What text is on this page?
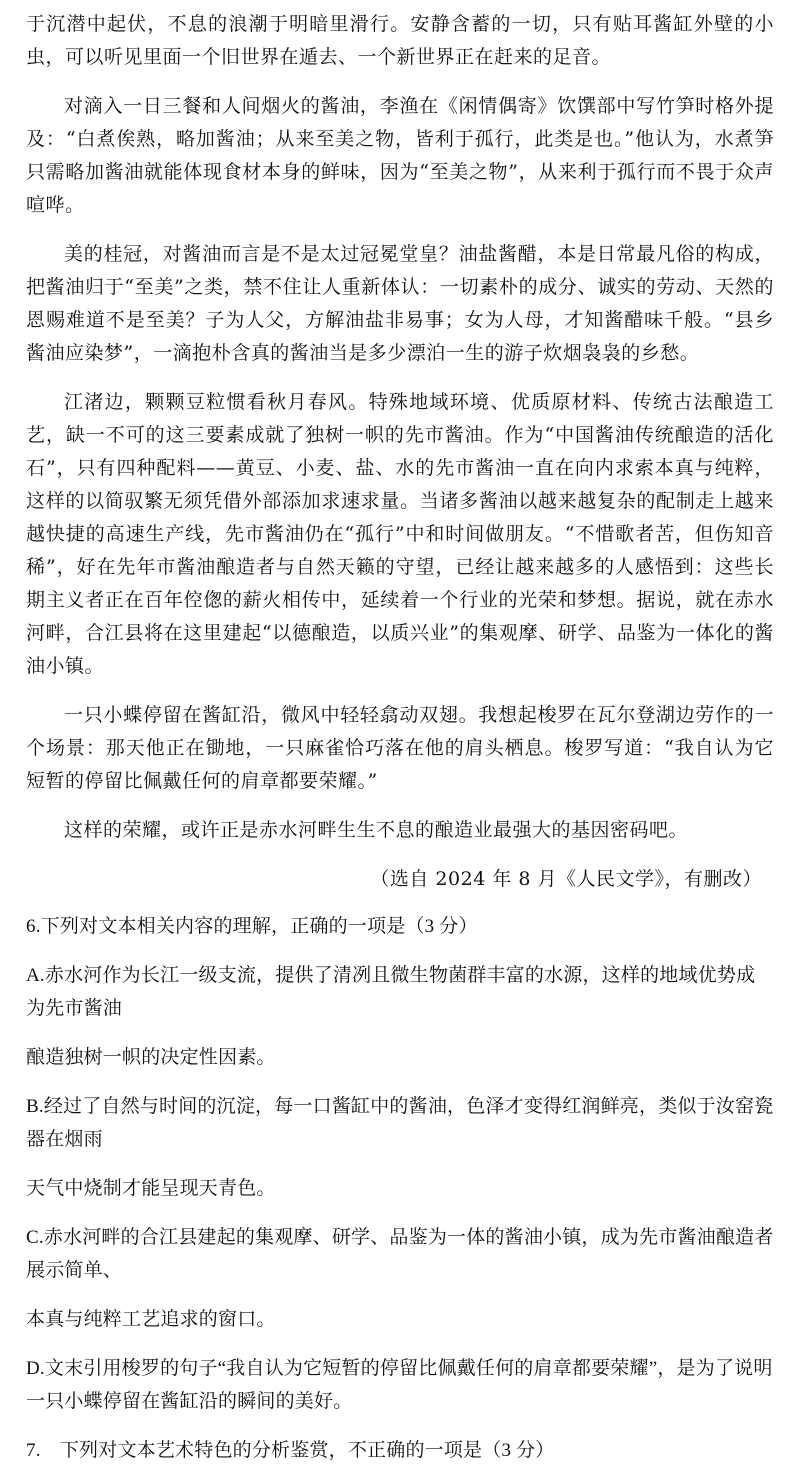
于沉潜中起伏，不息的浪潮于明暗里滑行。安静含蓄的一切，只有贴耳酱缸外壁的小虫，可以听见里面一个旧世界在遁去、一个新世界正在赶来的足音。

对滴入一日三餐和人间烟火的酱油，李渔在《闲情偶寄》饮馔部中写竹笋时格外提及：“白煮俟熟，略加酱油；从来至美之物，皆利于孤行，此类是也。”他认为，水煮笋只需略加酱油就能体现食材本身的鲜味，因为“至美之物”，从来利于孤行而不畏于众声喧哗。

美的桂冠，对酱油而言是不是太过冠冕堂皇？油盐酱醋，本是日常最凡俗的构成，把酱油归于“至美”之类，禁不住让人重新体认：一切素朴的成分、诚实的劳动、天然的恩赐难道不是至美？子为人父，方解油盐非易事；女为人母，才知酱醋味千般。“县乡酱油应染梦”，一滴抱朴含真的酱油当是多少漂泊一生的游子炊烟袅袅的乡愁。

江渚边，颗颗豆粒惯看秋月春风。特殊地域环境、优质原材料、传统古法酿造工艺，缺一不可的这三要素成就了独树一帜的先市酱油。作为“中国酱油传统酿造的活化石”，只有四种配料——黄豆、小麦、盐、水的先市酱油一直在向内求索本真与纯粹，这样的以简驭繁无须凭借外部添加求速求量。当诸多酱油以越来越复杂的配制走上越来越快捷的高速生产线，先市酱油仍在“孤行”中和时间做朋友。“不惜歌者苦，但伤知音稀”，好在先年市酱油酿造者与自然天籁的守望，已经让越来越多的人感悟到：这些长期主义者正在百年倥偬的薪火相传中，延续着一个行业的光荣和梦想。据说，就在赤水河畔，合江县将在这里建起“以德酿造，以质兴业”的集观摩、研学、品鉴为一体化的酱油小镇。

一只小蝶停留在酱缸沿，微风中轻轻翕动双翅。我想起梭罗在瓦尔登湖边劳作的一个场景：那天他正在锄地，一只麻雀恰巧落在他的肩头栖息。梭罗写道：“我自认为它短暂的停留比佩戴任何的肩章都要荣耀。”

这样的荣耀，或许正是赤水河畔生生不息的酿造业最强大的基因密码吧。

（选自 2024 年 8 月《人民文学》，有删改）

6.下列对文本相关内容的理解，正确的一项是（3 分）

A.赤水河作为长江一级支流，提供了清冽且微生物菌群丰富的水源，这样的地域优势成为先市酱油

酿造独树一帜的决定性因素。

B.经过了自然与时间的沉淀，每一口酱缸中的酱油，色泽才变得红润鲜亮，类似于汝窑瓷器在烟雨

天气中烧制才能呈现天青色。

C.赤水河畔的合江县建起的集观摩、研学、品鉴为一体的酱油小镇，成为先市酱油酿造者展示简单、

本真与纯粹工艺追求的窗口。

D.文末引用梭罗的句子“我自认为它短暂的停留比佩戴任何的肩章都要荣耀”，是为了说明一只小蝶停留在酱缸沿的瞬间的美好。

7.　下列对文本艺术特色的分析鉴赏，不正确的一项是（3 分）
